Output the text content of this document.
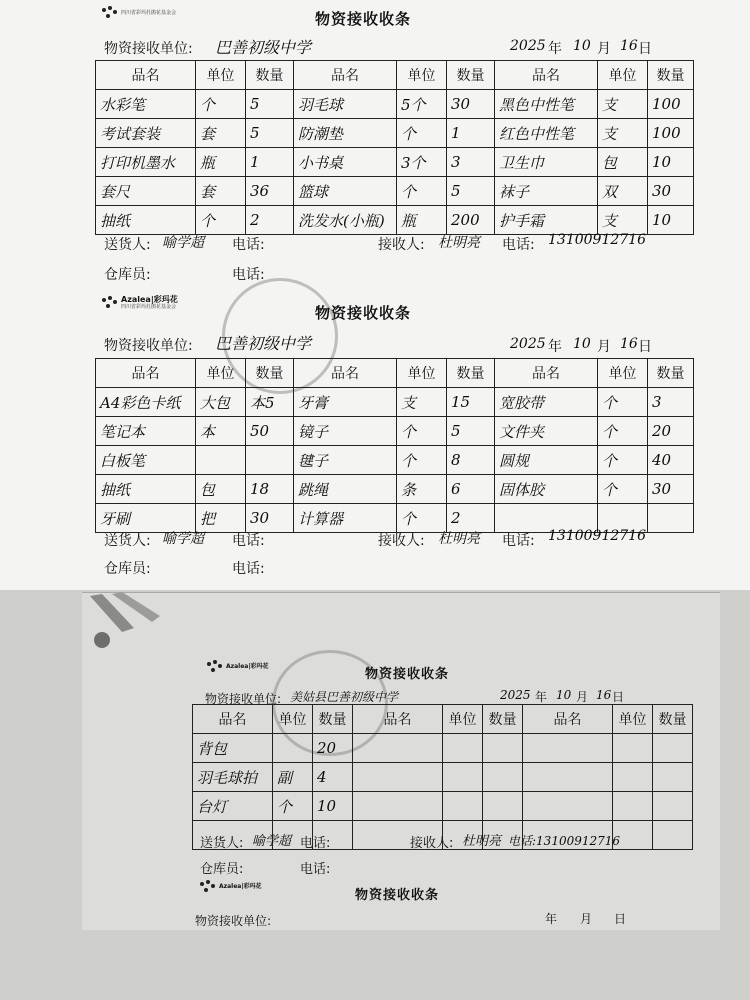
四川省彩玛杜鹃花基金会	物资接收收条
物资接收单位: 巴善初级中学	2025 年 10 月 16 日
品名	单位	数量	品名	单位	数量	品名	单位	数量
水彩笔	个	5	羽毛球	5个	30	黑色中性笔	支	100
考试套装	套	5	防潮垫	个	1	红色中性笔	支	100
打印机墨水	瓶	1	小书桌	3个	3	卫生巾	包	10
套尺	套	36	篮球	个	5	袜子	双	30
抽纸	个	2	洗发水(小瓶)	瓶	200	护手霜	支	10
送货人: 喻学超 电话:	接收人: 杜明亮 电话: 13100912716
仓库员:	电话:
Azalea|彩玛花
四川省彩玛杜鹃花基金会	物资接收收条
物资接收单位: 巴善初级中学	2025 年 10 月 16 日
品名	单位	数量	品名	单位	数量	品名	单位	数量
A4彩色卡纸	大包	本5	牙膏	支	15	宽胶带	个	3
笔记本	本	50	镜子	个	5	文件夹	个	20
白板笔			毽子	个	8	圆规	个	40
抽纸	包	18	跳绳	条	6	固体胶	个	30
牙刷	把	30	计算器	个	2			
送货人: 喻学超 电话:	接收人: 杜明亮 电话: 13100912716
仓库员:	电话:
Azalea|彩玛花
物资接收收条
物资接收单位: 美姑县巴善初级中学	2025 年 10 月 16 日
品名	单位	数量	品名	单位	数量	品名	单位	数量
背包		20						
羽毛球拍	副	4						
台灯	个	10						

送货人: 喻学超 电话:	接收人: 杜明亮 电话:13100912716
仓库员:	电话:
Azalea|彩玛花
物资接收收条
物资接收单位:	年 月 日
